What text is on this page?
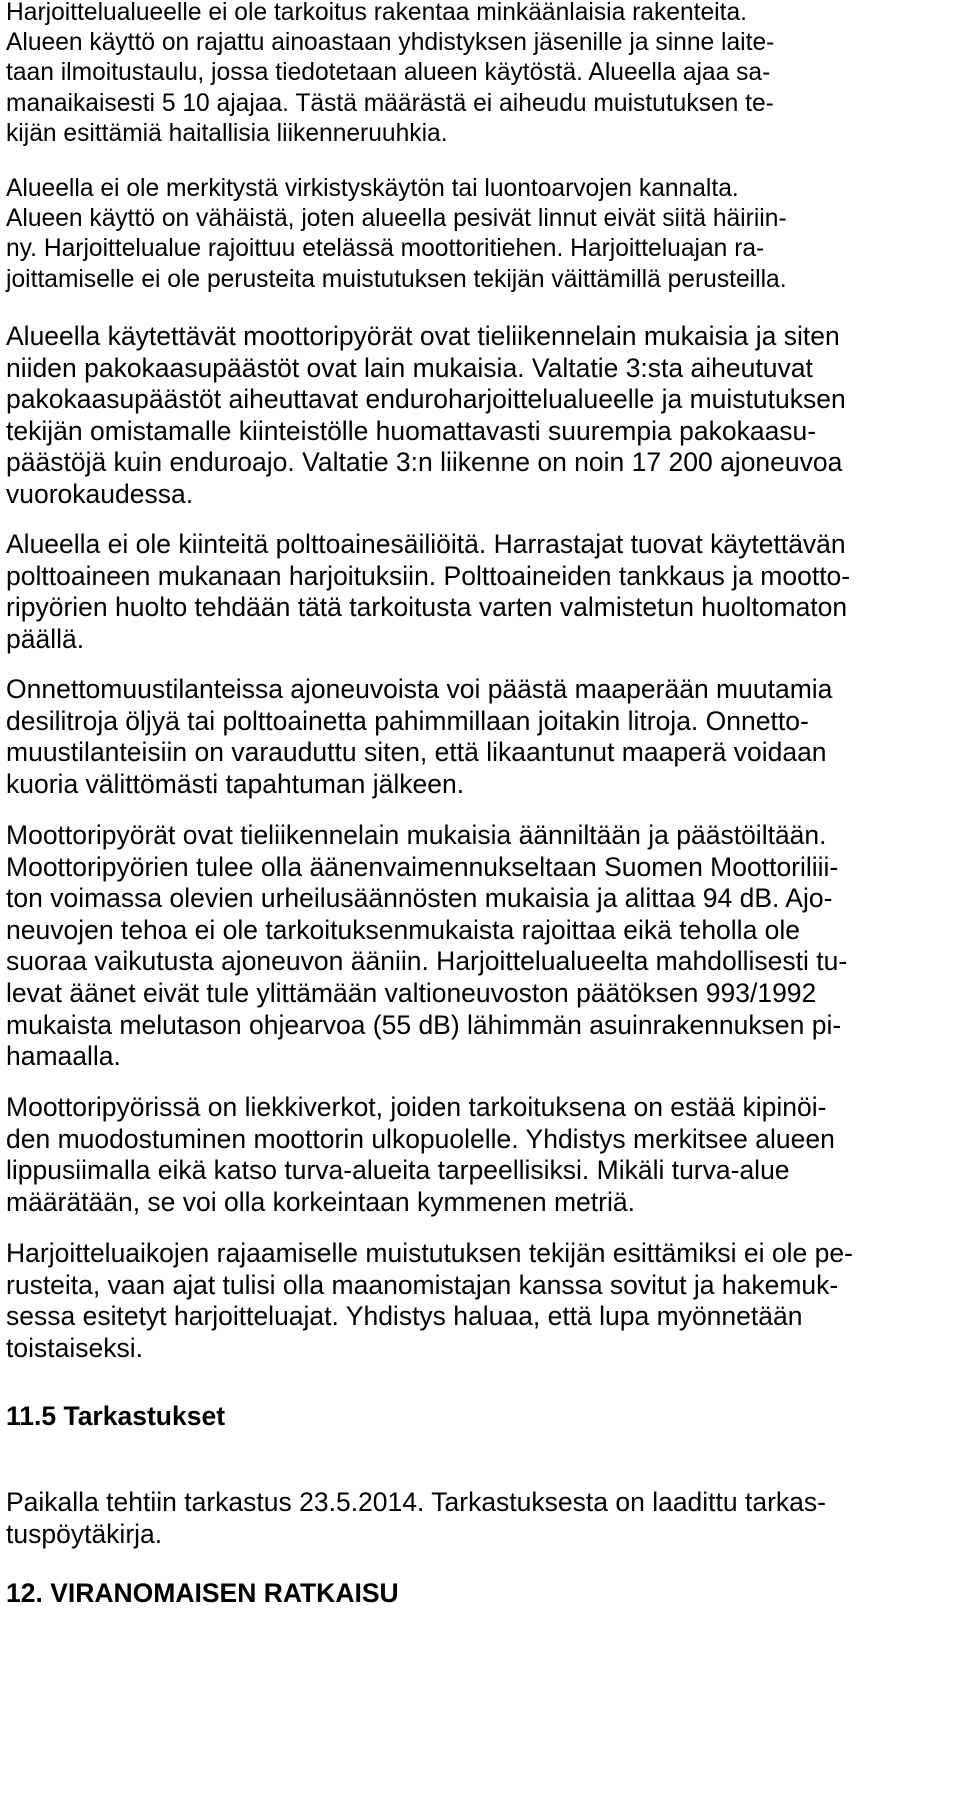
Harjoittelualueelle ei ole tarkoitus rakentaa minkäänlaisia rakenteita.
Alueen käyttö on rajattu ainoastaan yhdistyksen jäsenille ja sinne laite-
taan ilmoitustaulu, jossa tiedotetaan alueen käytöstä. Alueella ajaa sa-
manaikaisesti 5 10 ajajaa. Tästä määrästä ei aiheudu muistutuksen te-
kijän esittämiä haitallisia liikenneruuhkia.
Alueella ei ole merkitystä virkistyskäytön tai luontoarvojen kannalta.
Alueen käyttö on vähäistä, joten alueella pesivät linnut eivät siitä häiriin-
ny. Harjoittelualue rajoittuu etelässä moottoritiehen. Harjoitteluajan ra-
joittamiselle ei ole perusteita muistutuksen tekijän väittämillä perusteilla.
Alueella käytettävät moottoripyörät ovat tieliikennelain mukaisia ja siten
niiden pakokaasupäästöt ovat lain mukaisia. Valtatie 3:sta aiheutuvat
pakokaasupäästöt aiheuttavat enduroharjoittelualueelle ja muistutuksen
tekijän omistamalle kiinteistölle huomattavasti suurempia pakokaasu-
päästöjä kuin enduroajo. Valtatie 3:n liikenne on noin 17 200 ajoneuvoa
vuorokaudessa.
Alueella ei ole kiinteitä polttoainesäiliöitä. Harrastajat tuovat käytettävän
polttoaineen mukanaan harjoituksiin. Polttoaineiden tankkaus ja mootto-
ripyörien huolto tehdään tätä tarkoitusta varten valmistetun huoltomaton
päällä.
Onnettomuustilanteissa ajoneuvoista voi päästä maaperään muutamia
desilitroja öljyä tai polttoainetta pahimmillaan joitakin litroja. Onnetto-
muustilanteisiin on varauduttu siten, että likaantunut maaperä voidaan
kuoria välittömästi tapahtuman jälkeen.
Moottoripyörät ovat tieliikennelain mukaisia äänniltään ja päästöiltään.
Moottoripyörien tulee olla äänenvaimennukseltaan Suomen Moottoriliii-
ton voimassa olevien urheilusäännösten mukaisia ja alittaa 94 dB. Ajo-
neuvojen tehoa ei ole tarkoituksenmukaista rajoittaa eikä teholla ole
suoraa vaikutusta ajoneuvon ääniin. Harjoittelualueelta mahdollisesti tu-
levat äänet eivät tule ylittämään valtioneuvoston päätöksen 993/1992
mukaista melutason ohjearvoa (55 dB) lähimmän asuinrakennuksen pi-
hamaalla.
Moottoripyörissä on liekkiverkot, joiden tarkoituksena on estää kipinöi-
den muodostuminen moottorin ulkopuolelle. Yhdistys merkitsee alueen
lippusiimalla eikä katso turva-alueita tarpeellisiksi. Mikäli turva-alue
määrätään, se voi olla korkeintaan kymmenen metriä.
Harjoitteluaikojen rajaamiselle muistutuksen tekijän esittämiksi ei ole pe-
rusteita, vaan ajat tulisi olla maanomistajan kanssa sovitut ja hakemuk-
sessa esitetyt harjoitteluajat. Yhdistys haluaa, että lupa myönnetään
toistaiseksi.
11.5 Tarkastukset
Paikalla tehtiin tarkastus 23.5.2014. Tarkastuksesta on laadittu tarkas-
tuspöytäkirja.
12. VIRANOMAISEN RATKAISU
